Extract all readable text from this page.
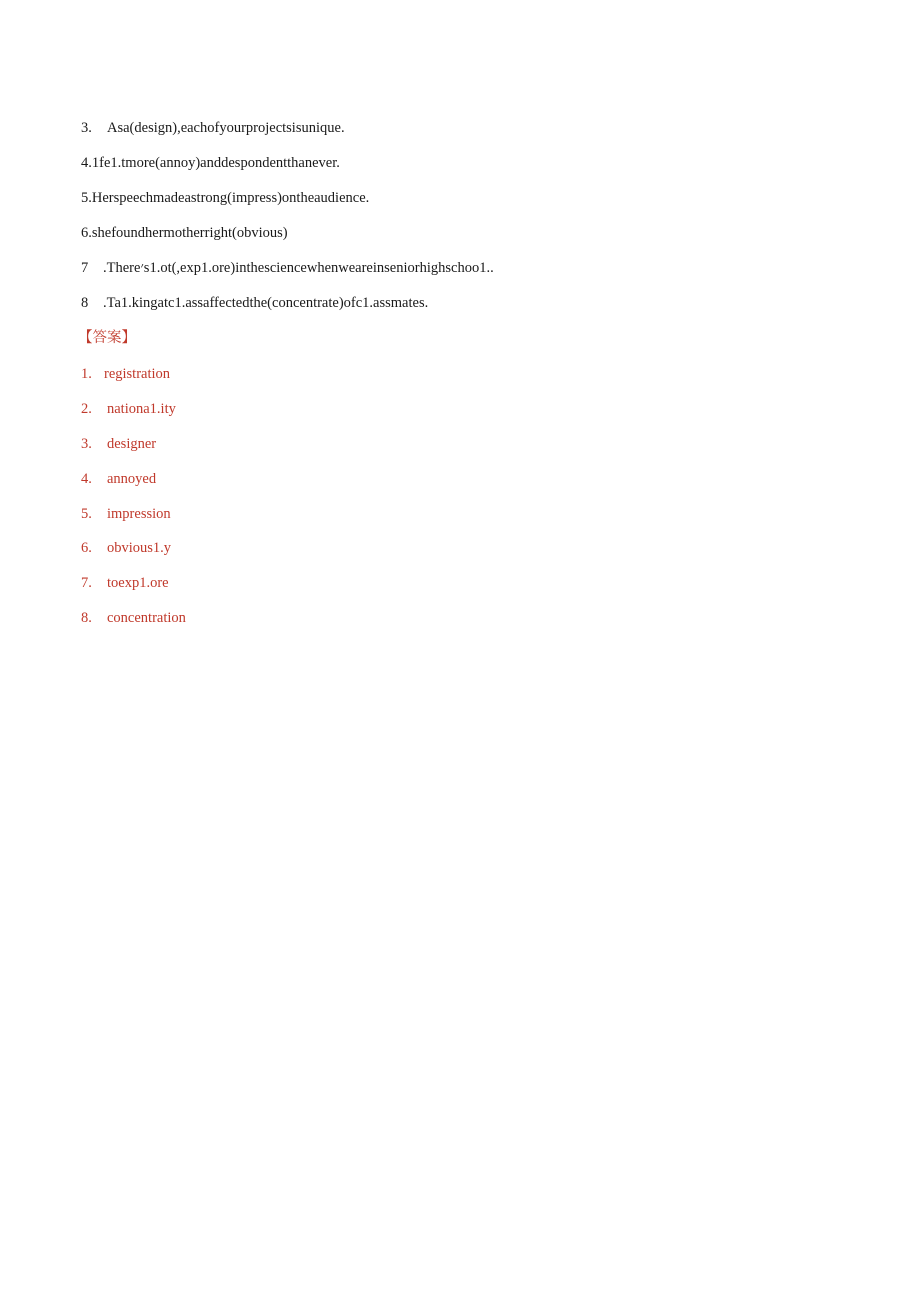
3. Asa(design),eachofyourprojectsisunique.
4.1fe1.tmore(annoy)anddespondentthanever.
5.Herspeechmadeastrong(impress)ontheaudience.
6.shefoundhermotherright(obvious)
7 .There׳s1.ot(,exp1.ore)inthesciencewhenweareinseniorhighschoo1..
8 .Ta1.kingatc1.assaffectedthe(concentrate)ofc1.assmates.
【答案】
1. registration
2. nationa1.ity
3. designer
4. annoyed
5. impression
6. obvious1.y
7. toexp1.ore
8. concentration
